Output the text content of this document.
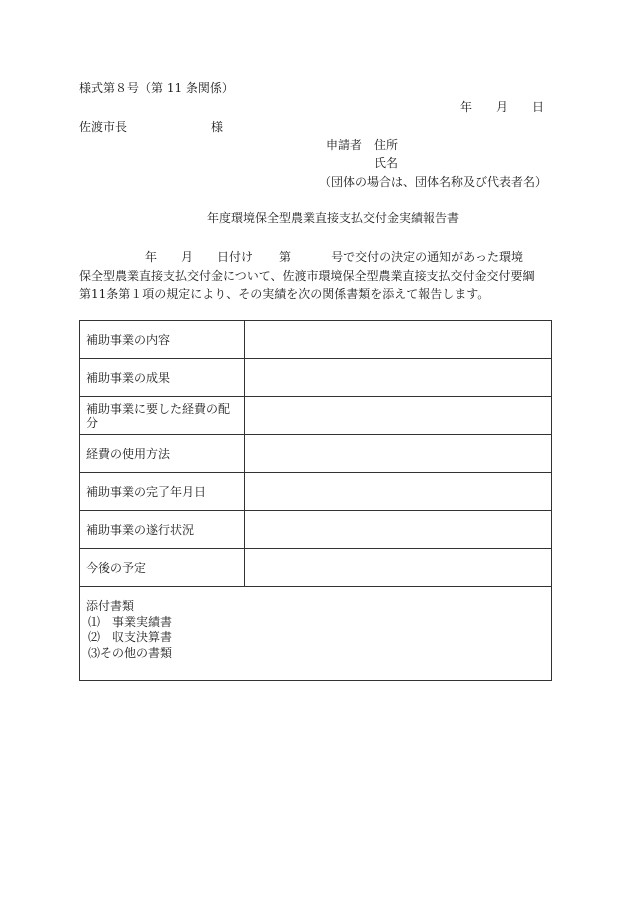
様式第８号（第 11 条関係）
年 月 日
佐渡市長	様
申請者　住所
氏名
（団体の場合は、団体名称及び代表者名）
年度環境保全型農業直接支払交付金実績報告書
年 月 日付け 第	号で交付の決定の通知があった環境
保全型農業直接支払交付金について、佐渡市環境保全型農業直接支払交付金交付要綱
第11条第１項の規定により、その実績を次の関係書類を添えて報告します。
補助事業の内容	
補助事業の成果	
補助事業に要した経費の配分	
経費の使用方法	
補助事業の完了年月日	
補助事業の遂行状況	
今後の予定	

添付書類
⑴　事業実績書
⑵　収支決算書
⑶その他の書類	
